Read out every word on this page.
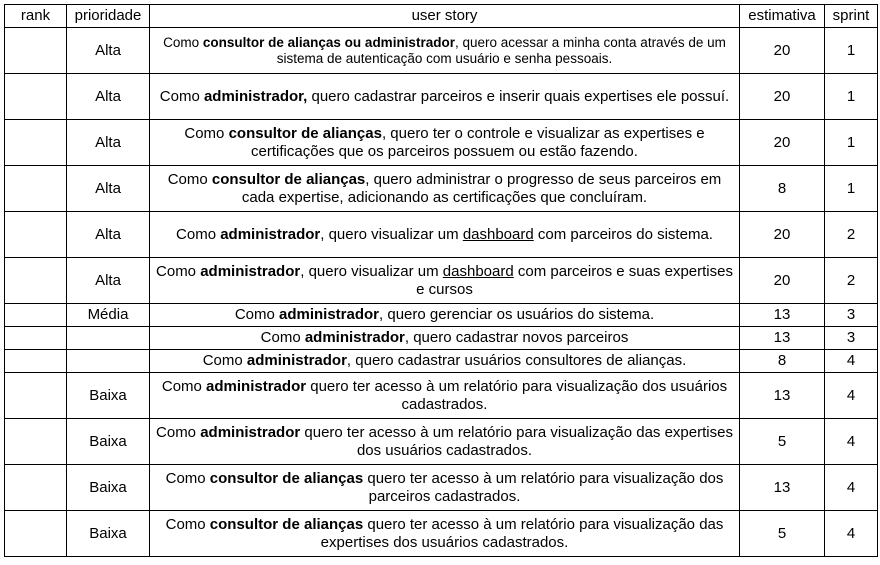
rank	prioridade	user story	estimativa	sprint
	Alta	Como consultor de alianças ou administrador, quero acessar a minha conta através de um sistema de autenticação com usuário e senha pessoais.	20	1
	Alta	Como administrador, quero cadastrar parceiros e inserir quais expertises ele possuí.	20	1
	Alta	Como consultor de alianças, quero ter o controle e visualizar as expertises e certificações que os parceiros possuem ou estão fazendo.	20	1
	Alta	Como consultor de alianças, quero administrar o progresso de seus parceiros em cada expertise, adicionando as certificações que concluíram.	8	1
	Alta	Como administrador, quero visualizar um dashboard com parceiros do sistema.	20	2
	Alta	Como administrador, quero visualizar um dashboard com parceiros e suas expertises e cursos	20	2
	Média	Como administrador, quero gerenciar os usuários do sistema.	13	3
		Como administrador, quero cadastrar novos parceiros	13	3
		Como administrador, quero cadastrar usuários consultores de alianças.	8	4
	Baixa	Como administrador quero ter acesso à um relatório para visualização dos usuários cadastrados.	13	4
	Baixa	Como administrador quero ter acesso à um relatório para visualização das expertises dos usuários cadastrados.	5	4
	Baixa	Como consultor de alianças quero ter acesso à um relatório para visualização dos parceiros cadastrados.	13	4
	Baixa	Como consultor de alianças quero ter acesso à um relatório para visualização das expertises dos usuários cadastrados.	5	4
